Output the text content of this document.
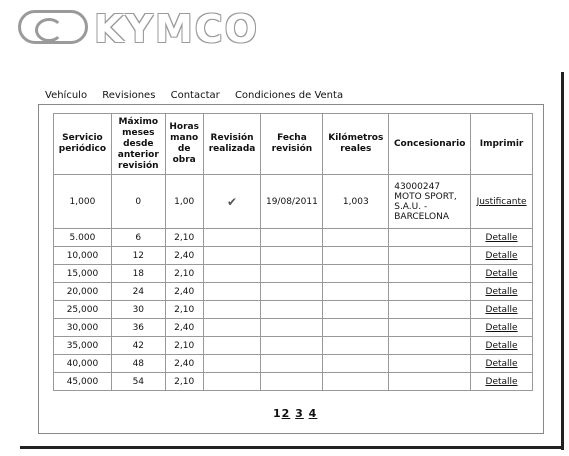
KYMCO
Vehículo Revisiones Contactar Condiciones de Venta
Servicio periódico	Máximo meses desde anterior revisión	Horas mano de obra	Revisión realizada	Fecha revisión	Kilómetros reales	Concesionario	Imprimir
1,000	0	1,00	✔	19/08/2011	1,003	43000247
MOTO SPORT,
S.A.U. -
BARCELONA	Justificante
5.000	6	2,10					Detalle
10,000	12	2,40					Detalle
15,000	18	2,10					Detalle
20,000	24	2,40					Detalle
25,000	30	2,10					Detalle
30,000	36	2,40					Detalle
35,000	42	2,10					Detalle
40,000	48	2,40					Detalle
45,000	54	2,10					Detalle
12 3 4
